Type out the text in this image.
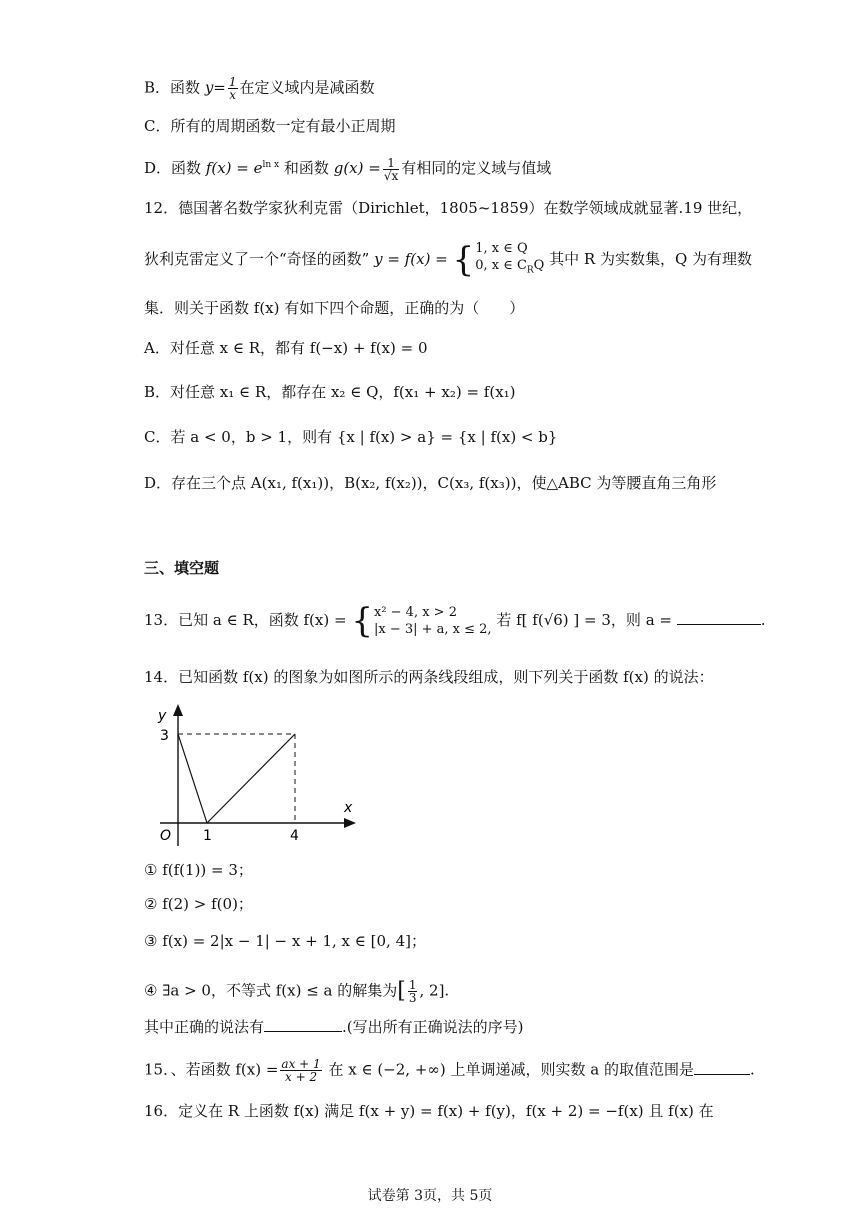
B．函数 $y= \frac{1}{x}$ 在定义域内是减函数
C．所有的周期函数一定有最小正周期
D．函数 $f(x) = e^{ln x}$ 和函数 $g(x) = \frac{1}{√x}$ 有相同的定义域与值域
12．德国著名数学家狄利克雷（Dirichlet，1805~1859）在数学领域成就显著.19 世纪，
狄利克雷定义了一个“奇怪的函数” y = f(x) = {1, x ∈ Q
0, x ∈ $C_RQ$ 其中 R 为实数集，Q 为有理数
集．则关于函数 f(x) 有如下四个命题，正确的为（　　）
A．对任意 x ∈ R，都有 f(−x) + f(x) = 0
B．对任意 x₁ ∈ R，都存在 x₂ ∈ Q，f(x₁ + x₂) = f(x₁)
C．若 a < 0，b > 1，则有 {x | f(x) > a} = {x | f(x) < b}
D．存在三个点 A(x₁, f(x₁))，B(x₂, f(x₂))，C(x₃, f(x₃))，使△ABC 为等腰直角三角形
三、填空题
13．已知 a ∈ R，函数 f(x) = {x² − 4, x > 2
|x − 3| + a, x ≤ 2, 若 f[ f(√6) ] = 3，则 a =	.
14．已知函数 f(x) 的图象为如图所示的两条线段组成，则下列关于函数 f(x) 的说法：
y
x
O
3
1	4
① f(f(1)) = 3；
② f(2) > f(0)；
③ f(x) = 2|x − 1| − x + 1, x ∈ [0, 4]；
④ ∃a > 0，不等式 f(x) ≤ a 的解集为[ $\frac{1}{3}$ , 2].
其中正确的说法有	.(写出所有正确说法的序号)
15．、若函数 $f(x) = \frac{ax + 1}{x + 2}$ 在 x ∈ (−2, +∞) 上单调递减，则实数 a 的取值范围是	.
16．定义在 R 上函数 f(x) 满足 f(x + y) = f(x) + f(y)，f(x + 2) = −f(x) 且 f(x) 在
试卷第 3页，共 5页
